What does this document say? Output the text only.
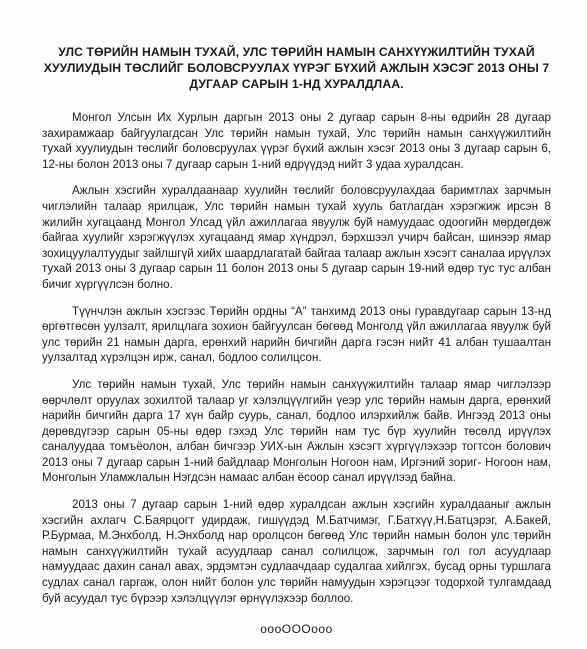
УЛС ТӨРИЙН НАМЫН ТУХАЙ, УЛС ТӨРИЙН НАМЫН САНХҮҮЖИЛТИЙН ТУХАЙ ХУУЛИУДЫН ТӨСЛИЙГ БОЛОВСРУУЛАХ ҮҮРЭГ БҮХИЙ АЖЛЫН ХЭСЭГ 2013 ОНЫ 7 ДУГААР САРЫН 1-НД ХУРАЛДЛАА.

Монгол Улсын Их Хурлын даргын 2013 оны 2 дугаар сарын 8-ны өдрийн 28 дугаар захирамжаар байгуулагдсан Улс төрийн намын тухай, Улс төрийн намын санхүүжилтийн тухай хуулиудын төслийг боловсруулах үүрэг бүхий ажлын хэсэг 2013 оны 3 дугаар сарын 6, 12-ны болон 2013 оны 7 дугаар сарын 1-ний өдрүүдэд нийт 3 удаа хуралдсан.

Ажлын хэсгийн хуралдаанаар хуулийн төслийг боловсруулахдаа баримтлах зарчмын чиглэлийн талаар ярилцаж, Улс төрийн намын тухай хууль батлагдан хэрэгжиж ирсэн 8 жилийн хугацаанд Монгол Улсад үйл ажиллагаа явуулж буй намуудаас одоогийн мөрдөгдөж байгаа хуулийг хэрэгжүүлэх хугацаанд ямар хүндрэл, бэрхшээл учирч байсан, шинээр ямар зохицуулалтуудыг зайлшгүй хийх шаардлагатай байгаа талаар ажлын хэсэгт саналаа ирүүлэх тухай 2013 оны 3 дугаар сарын 11 болон 2013 оны 5 дугаар сарын 19-ний өдөр тус тус албан бичиг хүргүүлсэн болно.

Түүнчлэн ажлын хэсгээс Төрийн ордны “А” танхимд 2013 оны гуравдугаар сарын 13-нд өргөтгөсөн уулзалт, ярилцлага зохион байгуулсан бөгөөд Монголд үйл ажиллагаа явуулж буй улс төрийн 21 намын дарга, ерөнхий нарийн бичгийн дарга гэсэн нийт 41 албан тушаалтан уулзалтад хүрэлцэн ирж, санал, бодлоо солилцсон.

Улс төрийн намын тухай, Улс төрийн намын санхүүжилтийн талаар ямар чиглэлээр өөрчлөлт оруулах зохилтой талаар уг хэлэлцүүлгийн үеэр улс төрийн намын дарга, ерөнхий нарийн бичгийн дарга 17 хүн байр суурь, санал, бодлоо илэрхийлж байв. Ингээд 2013 оны дөрөвдүгээр сарын 05-ны өдөр гэхэд Улс төрийн нам тус бүр хуулийн төсөлд ирүүлэх саналуудаа томъёолон, албан бичгээр УИХ-ын Ажлын хэсэгт хүргүүлэхээр тогтсон болович 2013 оны 7 дугаар сарын 1-ний байдлаар Монголын Ногоон нам, Иргэний зориг- Ногоон нам, Монголын Уламжлалын Нэгдсэн намаас албан ёсоор санал ирүүлээд байна.

2013 оны 7 дугаар сарын 1-ний өдөр хуралдсан ажлын хэсгийн хуралдааныг ажлын хэсгийн ахлагч С.Баярцогт удирдаж, гишүүдэд М.Батчимэг, Г.Батхүү,Н.Батцэрэг, А.Бакей, Р.Бурмаа, М.Энхболд, Н.Энхболд нар оролцсон бөгөөд Улс төрийн намын болон улс төрийн намын санхүүжилтийн тухай асуудлаар санал солилцож, зарчмын гол гол асуудлаар намуудаас дахин санал авах, эрдэмтэн судлаачдаар судалгаа хийлгэх, бусад орны туршлага судлах санал гаргаж, олон нийт болон улс төрийн намуудын хэрэгцээг тодорхой тулгамдаад буй асуудал тус бүрээр хэлэлцүүлэг өрнүүлэхээр боллоо.

oooOOOooo
